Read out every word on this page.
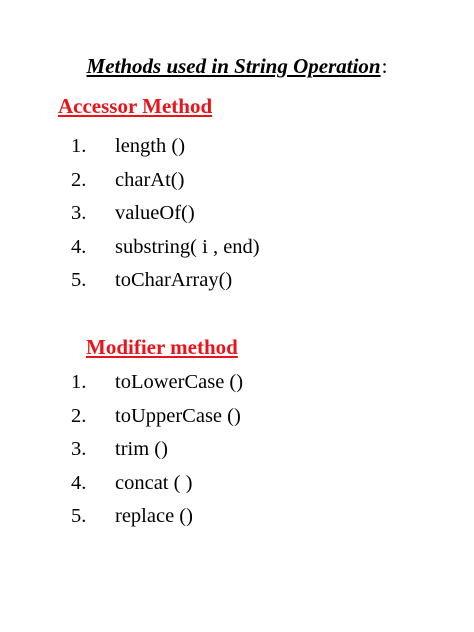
Methods used in String Operation:
Accessor Method
1. length ()
2. charAt()
3. valueOf()
4. substring( i , end)
5. toCharArray()
Modifier method
1. toLowerCase ()
2. toUpperCase ()
3. trim ()
4. concat ( )
5. replace ()
